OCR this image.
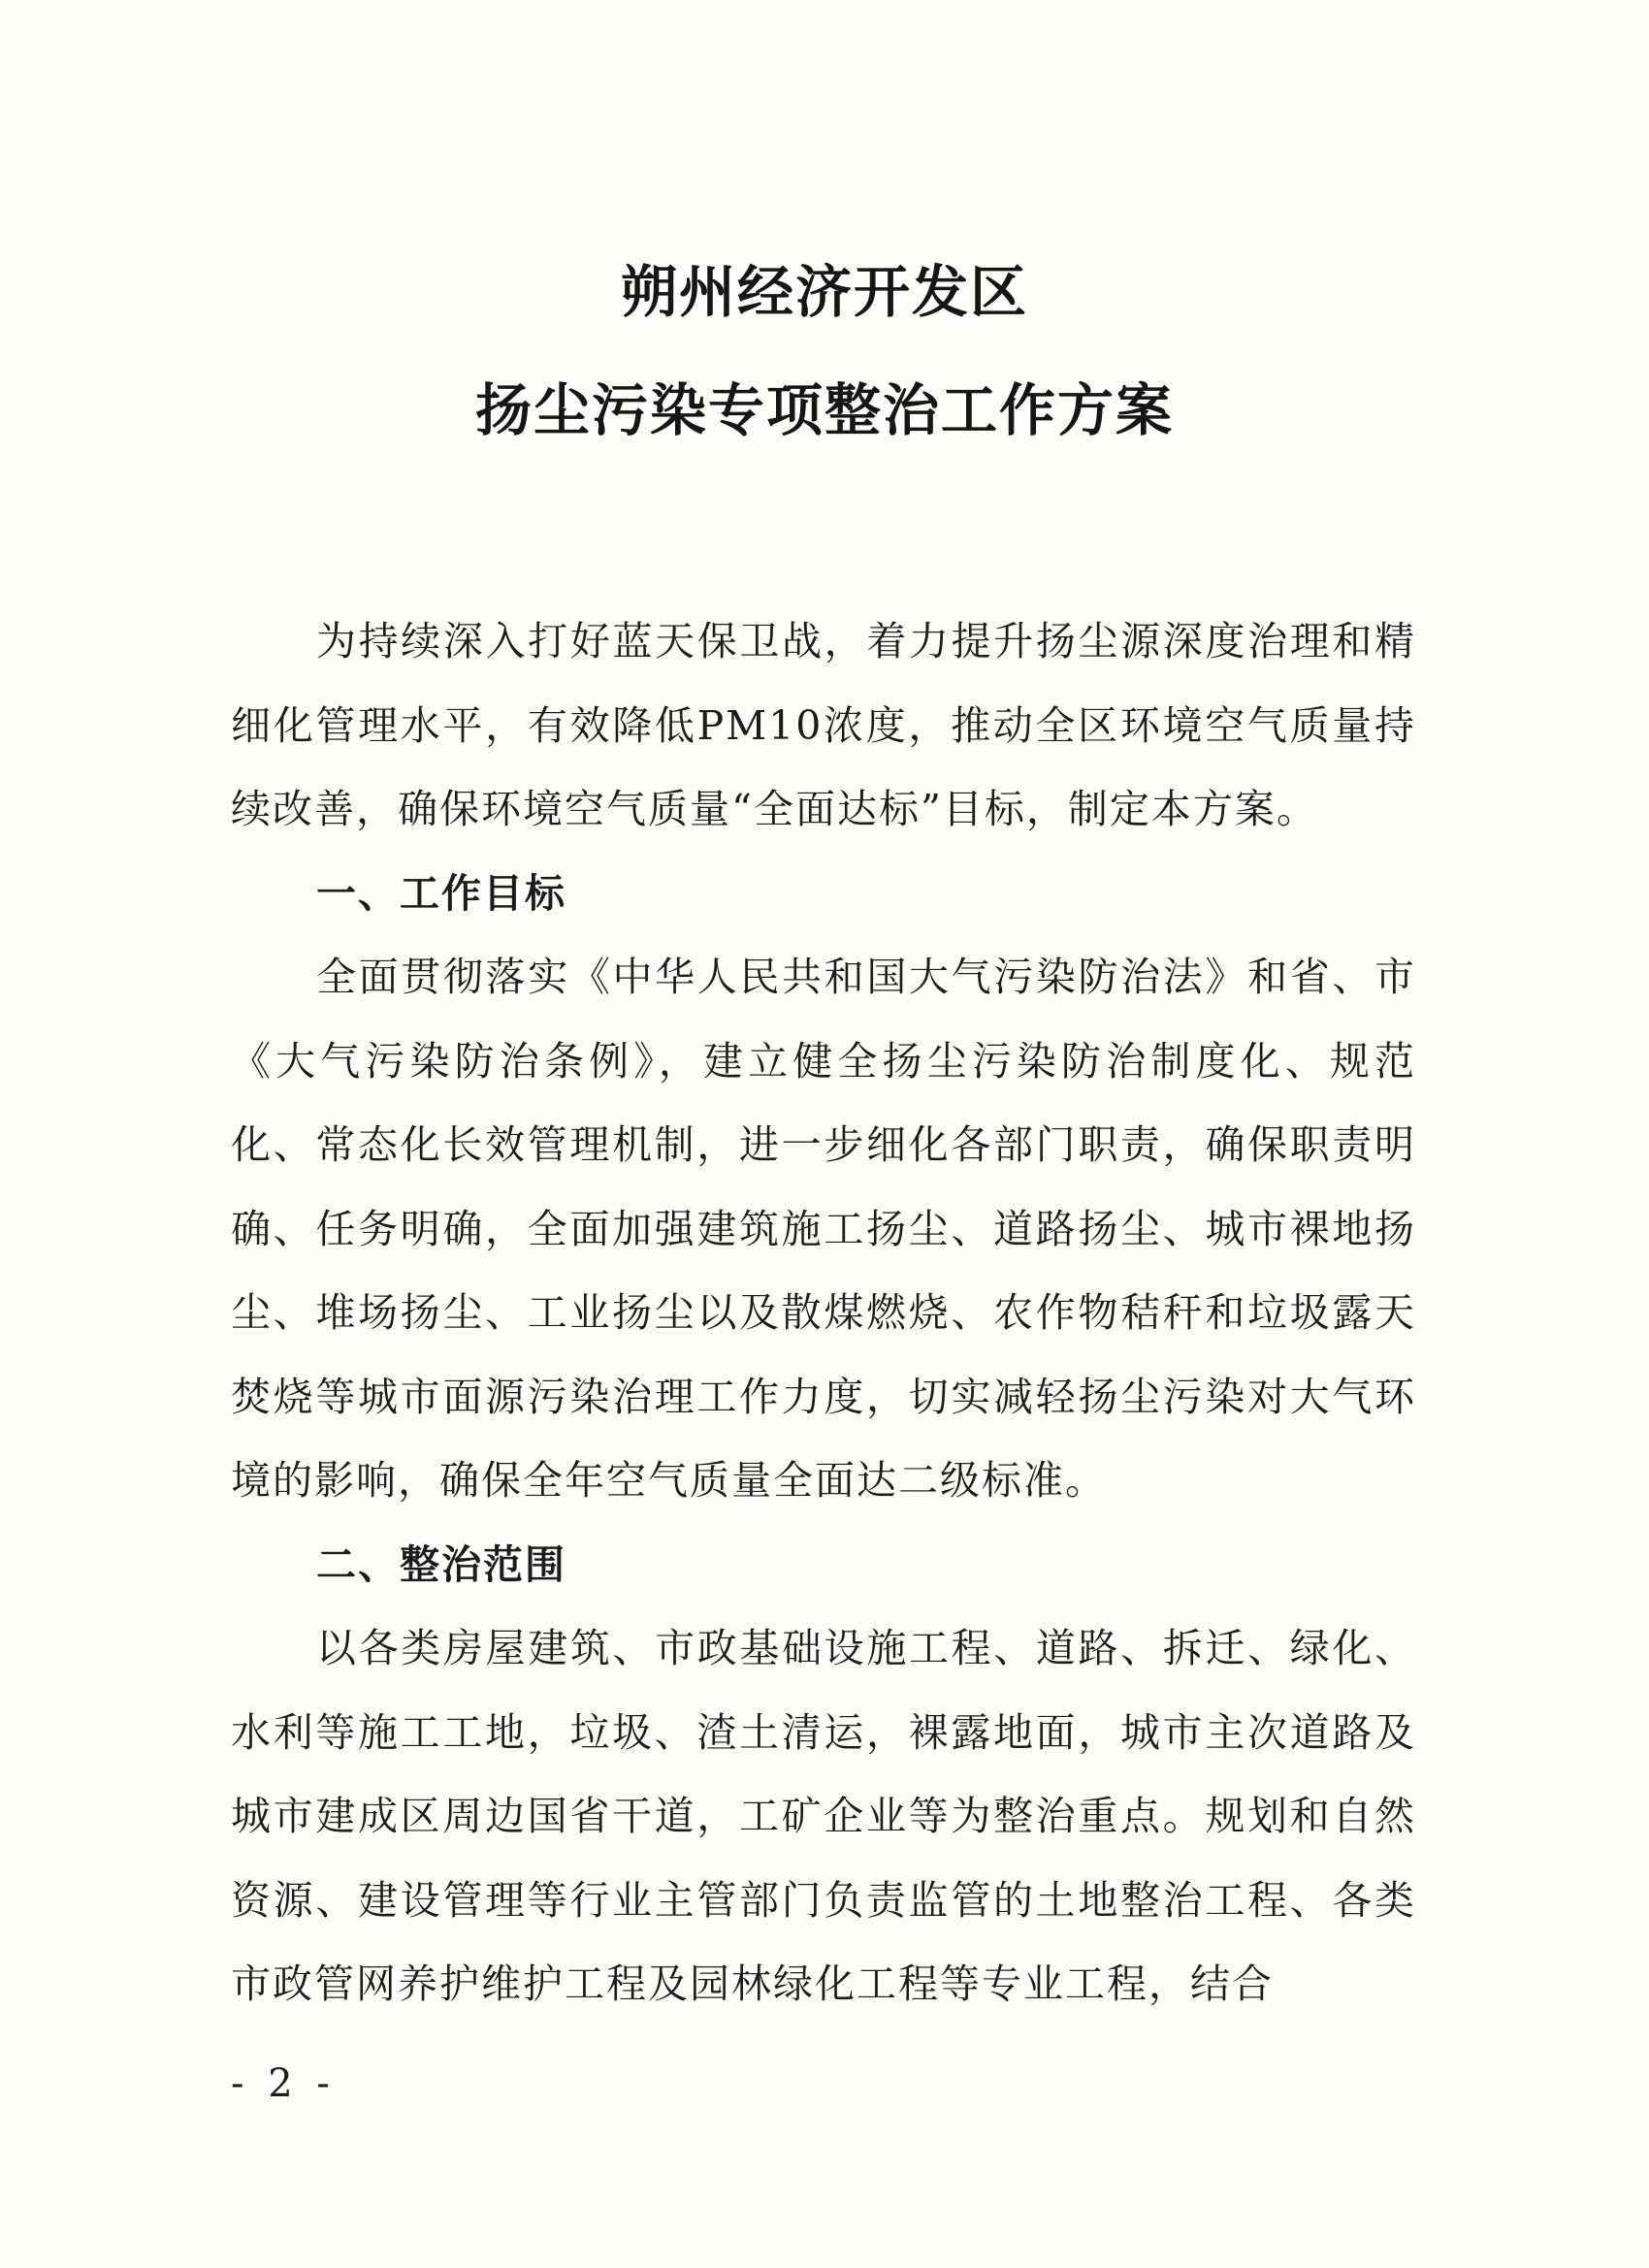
朔州经济开发区
扬尘污染专项整治工作方案

为持续深入打好蓝天保卫战，着力提升扬尘源深度治理和精细化管理水平，有效降低PM10浓度，推动全区环境空气质量持续改善，确保环境空气质量“全面达标”目标，制定本方案。

一、工作目标

全面贯彻落实《中华人民共和国大气污染防治法》和省、市《大气污染防治条例》，建立健全扬尘污染防治制度化、规范化、常态化长效管理机制，进一步细化各部门职责，确保职责明确、任务明确，全面加强建筑施工扬尘、道路扬尘、城市裸地扬尘、堆场扬尘、工业扬尘以及散煤燃烧、农作物秸秆和垃圾露天焚烧等城市面源污染治理工作力度，切实减轻扬尘污染对大气环境的影响，确保全年空气质量全面达二级标准。

二、整治范围

以各类房屋建筑、市政基础设施工程、道路、拆迁、绿化、水利等施工工地，垃圾、渣土清运，裸露地面，城市主次道路及城市建成区周边国省干道，工矿企业等为整治重点。规划和自然资源、建设管理等行业主管部门负责监管的土地整治工程、各类市政管网养护维护工程及园林绿化工程等专业工程，结合

- 2 -
